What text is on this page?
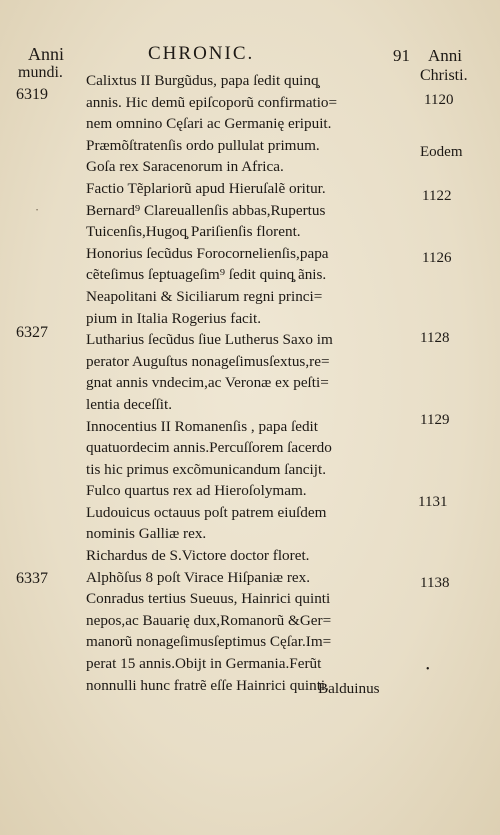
Anni
mundi.
CHRONIC.	91 Anni
Christi.
6319
6327
6337
Calixtus II Burgũdus, papa ſedit quinq̧
annis. Hic demũ epiſcoporũ confirmatio=
nem omnino Cęſari ac Germanię eripuit.
Præmõſtratenſis ordo pullulat primum.
Goſa rex Saracenorum in Africa.
Factio Tẽplariorũ apud Hieruſalẽ oritur.
Bernard⁹ Clareuallenſis abbas,Rupertus
Tuicenſis,Hugoq̧ Pariſienſis florent.
Honorius ſecũdus Forocornelienſis,papa
cẽteſimus ſeptuageſim⁹ ſedit quinq̧ ãnis.
Neapolitani & Siciliarum regni princi=
pium in Italia Rogerius facit.
Lutharius ſecũdus ſiue Lutherus Saxo im
perator Auguſtus nonageſimusſextus,re=
gnat annis vndecim,ac Veronæ ex peſti=
lentia deceſſit.
Innocentius II Romanenſis , papa ſedit
quatuordecim annis.Percuſſorem ſacerdo
tis hic primus excõmunicandum ſancijt.
Fulco quartus rex ad Hieroſolymam.
Ludouicus octauus poſt patrem eiuſdem
nominis Galliæ rex.
Richardus de S.Victore doctor floret.
Alphõſus 8 poſt Virace Hiſpaniæ rex.
Conradus tertius Sueuus, Hainrici quinti
nepos,ac Bauarię dux,Romanorũ &Ger=
manorũ nonageſimusſeptimus Cęſar.Im=
perat 15 annis.Obijt in Germania.Ferũt
nonnulli hunc fratrẽ eſſe Hainrici quinti.
1120
Eodem
1122
1126
1128
1129
1131
1138
Balduinus
•
•
